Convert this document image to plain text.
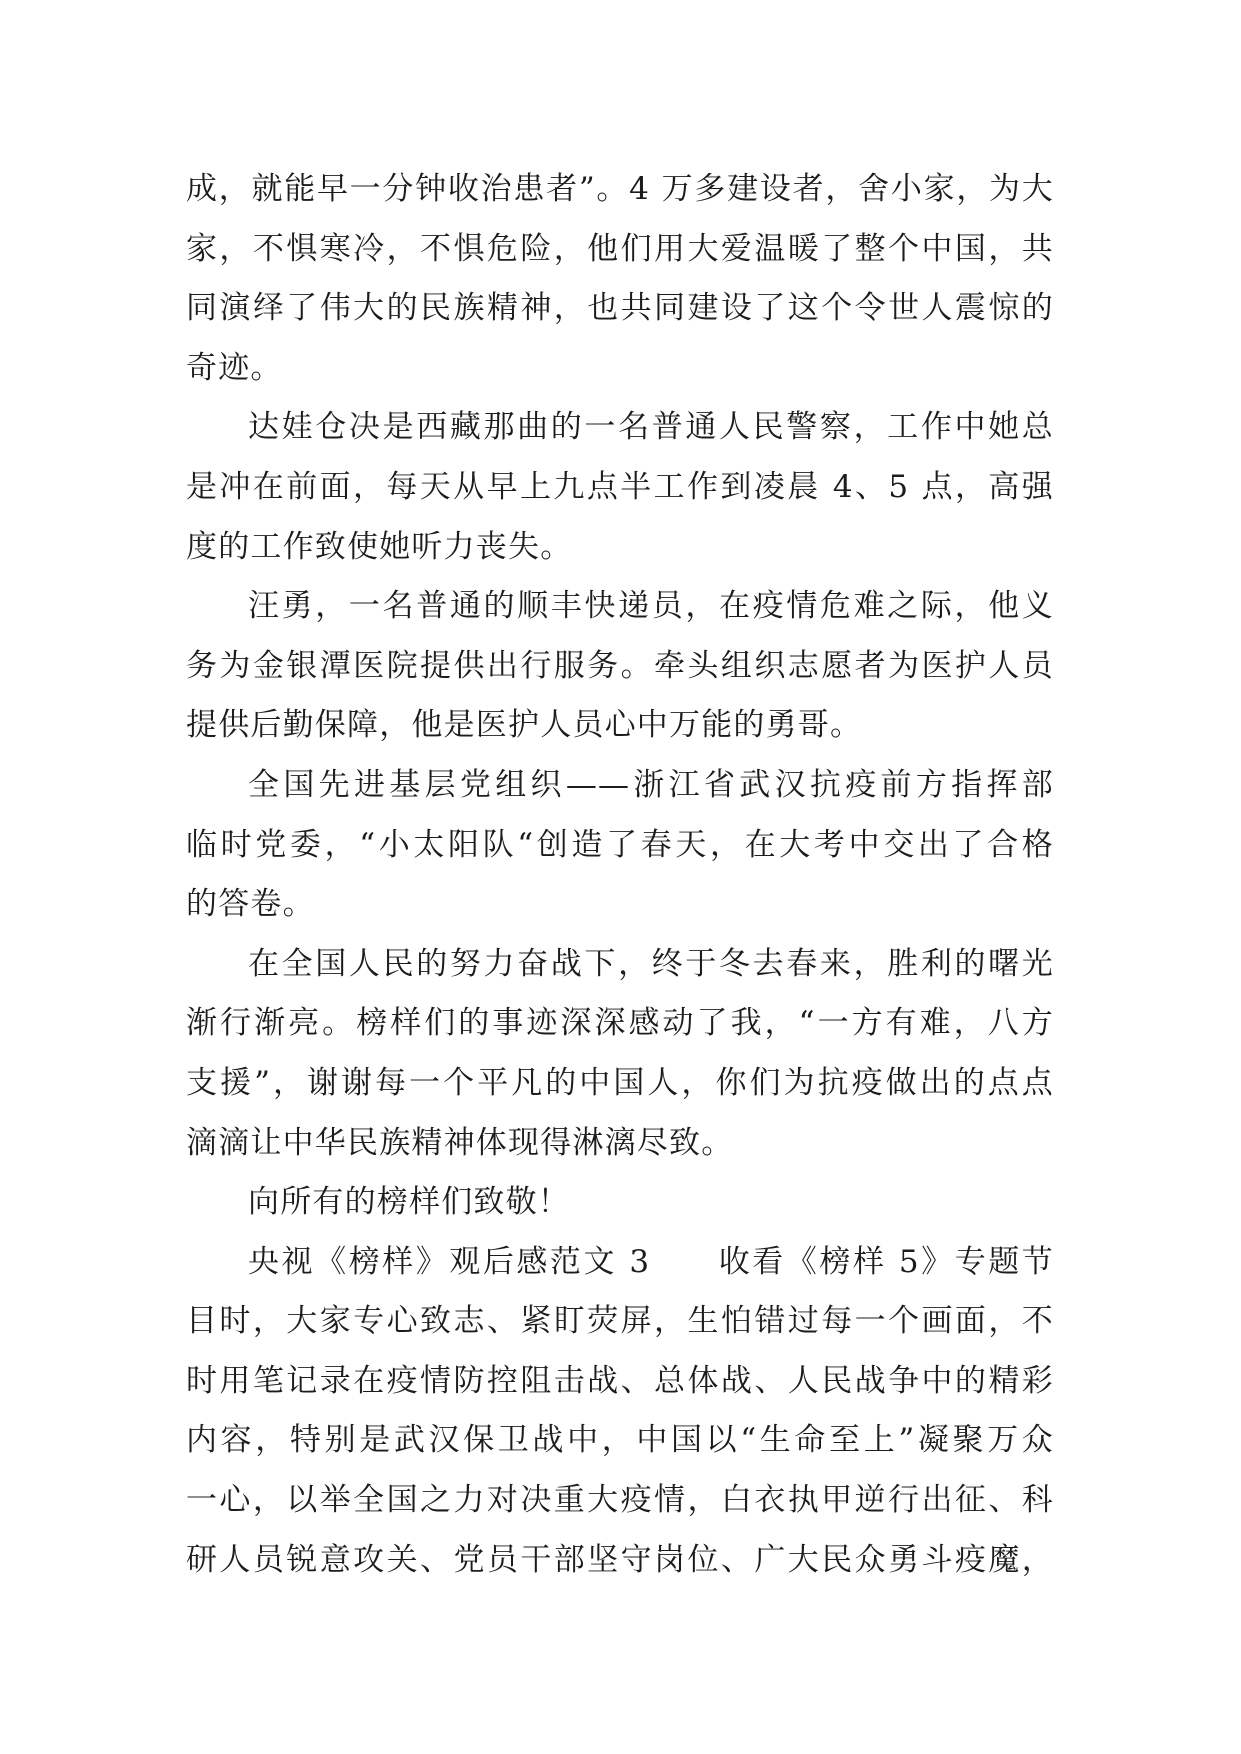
成，就能早一分钟收治患者”。4 万多建设者，舍小家，为大
家，不惧寒冷，不惧危险，他们用大爱温暖了整个中国，共
同演绎了伟大的民族精神，也共同建设了这个令世人震惊的
奇迹。
达娃仓决是西藏那曲的一名普通人民警察，工作中她总
是冲在前面，每天从早上九点半工作到凌晨 4、5 点，高强
度的工作致使她听力丧失。
汪勇，一名普通的顺丰快递员，在疫情危难之际，他义
务为金银潭医院提供出行服务。牵头组织志愿者为医护人员
提供后勤保障，他是医护人员心中万能的勇哥。
全国先进基层党组织——浙江省武汉抗疫前方指挥部
临时党委，“小太阳队“创造了春天，在大考中交出了合格
的答卷。
在全国人民的努力奋战下，终于冬去春来，胜利的曙光
渐行渐亮。榜样们的事迹深深感动了我，“一方有难，八方
支援”，谢谢每一个平凡的中国人，你们为抗疫做出的点点
滴滴让中华民族精神体现得淋漓尽致。
向所有的榜样们致敬！
央视《榜样》观后感范文 3　　收看《榜样 5》专题节
目时，大家专心致志、紧盯荧屏，生怕错过每一个画面，不
时用笔记录在疫情防控阻击战、总体战、人民战争中的精彩
内容，特别是武汉保卫战中，中国以“生命至上”凝聚万众
一心，以举全国之力对决重大疫情，白衣执甲逆行出征、科
研人员锐意攻关、党员干部坚守岗位、广大民众勇斗疫魔，
